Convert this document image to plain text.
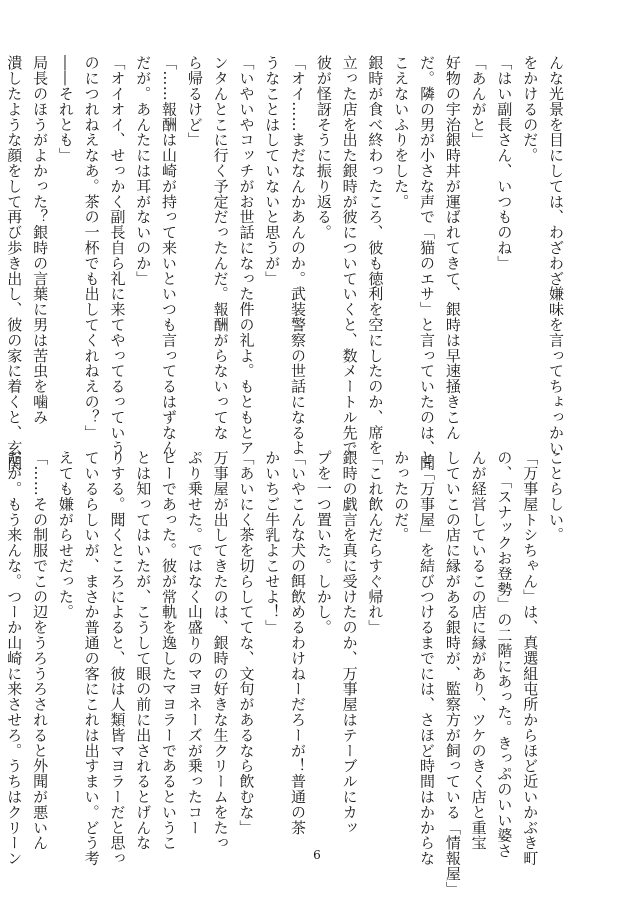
んな光景を目にしては、わざわざ嫌味を言ってちょっかい
をかけるのだ。
「はい副長さん、いつものね」
「あんがと」
好物の宇治銀時丼が運ばれてきて、銀時は早速掻きこん
だ。隣の男が小さな声で「猫のエサ」と言っていたのは、聞
こえないふりをした。
銀時が食べ終わったころ、彼も徳利を空にしたのか、席を
立った店を出た銀時が彼についていくと、数メートル先で
彼が怪訝そうに振り返る。
「オイ……まだなんかあんのか。武装警察の世話になるよ
うなことはしていないと思うが」
「いやいやコッチがお世話になった件の礼よ。もともとア
ンタんとこに行く予定だったんだ。報酬がらないってな
ら帰るけど」
「……報酬は山崎が持って来いといつも言ってるはずなん
だが。あんたには耳がないのか」
「オイオイ、せっかく副長自ら礼に来てやってるっていう
のにつれねえなあ。茶の一杯でも出してくれねえの？」
――それとも」
局長のほうがよかった？銀時の言葉に男は苦虫を噛み
潰したような顔をして再び歩き出し、彼の家に着くと、玄関
ことらしい。
「万事屋トシちゃん」は、真選組屯所からほど近いかぶき町
の、「スナックお登勢」の二階にあった。きっぷのいい婆さ
んが経営しているこの店に縁があり、ツケのきく店と重宝
していこの店に縁がある銀時が、監察方が飼っている「情報屋」
と「万事屋」を結びつけるまでには、さほど時間はかからな
かったのだ。
「これ飲んだらすぐ帰れ」
銀時の戯言を真に受けたのか、万事屋はテーブルにカッ
プを一つ置いた。しかし。
「いやこんな犬の餌飲めるわけねーだろーが！普通の茶
かいちご牛乳よこせよ！」
「あいにく茶を切らしててな、文句があるなら飲むな」
万事屋が出してきたのは、銀時の好きな生クリームをたっ
ぷり乗せた。ではなく山盛りのマヨネーズが乗ったコー
ヒーであった。彼が常軌を逸したマヨラーであるというこ
とは知ってはいたが、こうして眼の前に出されるとげんな
りする。聞くところによると、彼は人類皆マヨラーだと思っ
ているらしいが、まさか普通の客にこれは出すまい。どう考
えても嫌がらせだった。
「……その制服でこの辺をうろうろされると外聞が悪いん
だが。もう来んな。つーか山崎に来させろ。うちはクリーン	6
